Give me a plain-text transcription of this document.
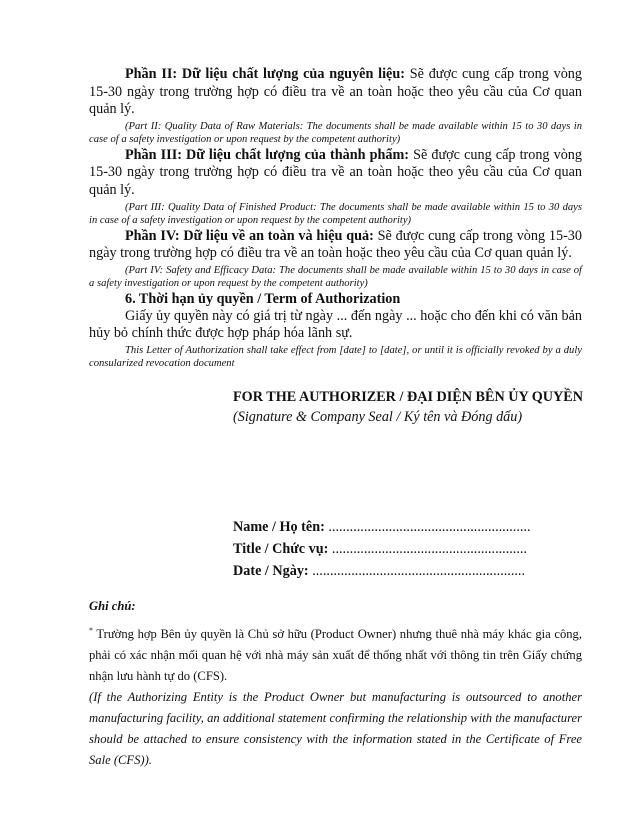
Phần II: Dữ liệu chất lượng của nguyên liệu: Sẽ được cung cấp trong vòng 15-30 ngày trong trường hợp có điều tra về an toàn hoặc theo yêu cầu của Cơ quan quản lý.

(Part II: Quality Data of Raw Materials: The documents shall be made available within 15 to 30 days in case of a safety investigation or upon request by the competent authority)

Phần III: Dữ liệu chất lượng của thành phẩm: Sẽ được cung cấp trong vòng 15-30 ngày trong trường hợp có điều tra về an toàn hoặc theo yêu cầu của Cơ quan quản lý.

(Part III: Quality Data of Finished Product: The documents shall be made available within 15 to 30 days in case of a safety investigation or upon request by the competent authority)

Phần IV: Dữ liệu về an toàn và hiệu quả: Sẽ được cung cấp trong vòng 15-30 ngày trong trường hợp có điều tra về an toàn hoặc theo yêu cầu của Cơ quan quản lý.

(Part IV: Safety and Efficacy Data: The documents shall be made available within 15 to 30 days in case of a safety investigation or upon request by the competent authority)

6. Thời hạn ủy quyền / Term of Authorization

Giấy ủy quyền này có giá trị từ ngày ... đến ngày ... hoặc cho đến khi có văn bản hủy bỏ chính thức được hợp pháp hóa lãnh sự.

This Letter of Authorization shall take effect from [date] to [date], or until it is officially revoked by a duly consularized revocation document

FOR THE AUTHORIZER / ĐẠI DIỆN BÊN ỦY QUYỀN

(Signature & Company Seal / Ký tên và Đóng dấu)

Name / Họ tên: .........................................................

Title / Chức vụ: .......................................................

Date / Ngày: ............................................................

Ghi chú:

* Trường hợp Bên ủy quyền là Chủ sở hữu (Product Owner) nhưng thuê nhà máy khác gia công, phải có xác nhận mối quan hệ với nhà máy sản xuất để thống nhất với thông tin trên Giấy chứng nhận lưu hành tự do (CFS).

(If the Authorizing Entity is the Product Owner but manufacturing is outsourced to another manufacturing facility, an additional statement confirming the relationship with the manufacturer should be attached to ensure consistency with the information stated in the Certificate of Free Sale (CFS)).
